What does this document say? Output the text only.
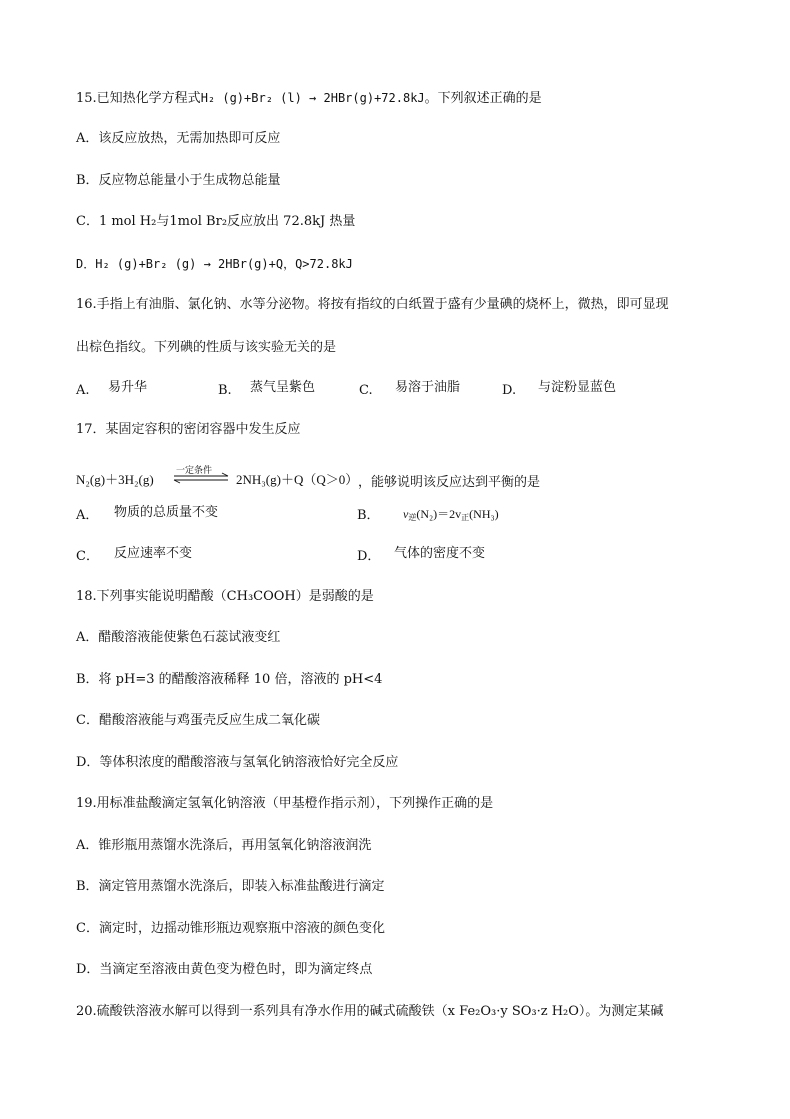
15.已知热化学方程式H₂ (g)+Br₂ (l) → 2HBr(g)+72.8kJ。下列叙述正确的是
A．该反应放热，无需加热即可反应
B．反应物总能量小于生成物总能量
C．1 mol H₂与1mol Br₂反应放出 72.8kJ 热量
D．H₂ (g)+Br₂ (g) → 2HBr(g)+Q，Q>72.8kJ
16.手指上有油脂、氯化钠、水等分泌物。将按有指纹的白纸置于盛有少量碘的烧杯上，微热，即可显现
出棕色指纹。下列碘的性质与该实验无关的是
A. 易升华	B. 蒸气呈紫色	C. 易溶于油脂	D. 与淀粉显蓝色
17．某固定容积的密闭容器中发生反应
N₂(g)＋3H₂(g)
一定条件
2NH₃(g)＋Q（Q＞0） ，能够说明该反应达到平衡的是
A． 物质的总质量不变	B． v逆(N₂)＝2v正(NH₃)
C． 反应速率不变	D． 气体的密度不变
18.下列事实能说明醋酸（CH₃COOH）是弱酸的是
A．醋酸溶液能使紫色石蕊试液变红
B．将 pH=3 的醋酸溶液稀释 10 倍，溶液的 pH<4
C．醋酸溶液能与鸡蛋壳反应生成二氧化碳
D．等体积浓度的醋酸溶液与氢氧化钠溶液恰好完全反应
19.用标准盐酸滴定氢氧化钠溶液（甲基橙作指示剂），下列操作正确的是
A．锥形瓶用蒸馏水洗涤后，再用氢氧化钠溶液润洗
B．滴定管用蒸馏水洗涤后，即装入标准盐酸进行滴定
C．滴定时，边摇动锥形瓶边观察瓶中溶液的颜色变化
D．当滴定至溶液由黄色变为橙色时，即为滴定终点
20.硫酸铁溶液水解可以得到一系列具有净水作用的碱式硫酸铁（x Fe₂O₃·y SO₃·z H₂O）。为测定某碱
